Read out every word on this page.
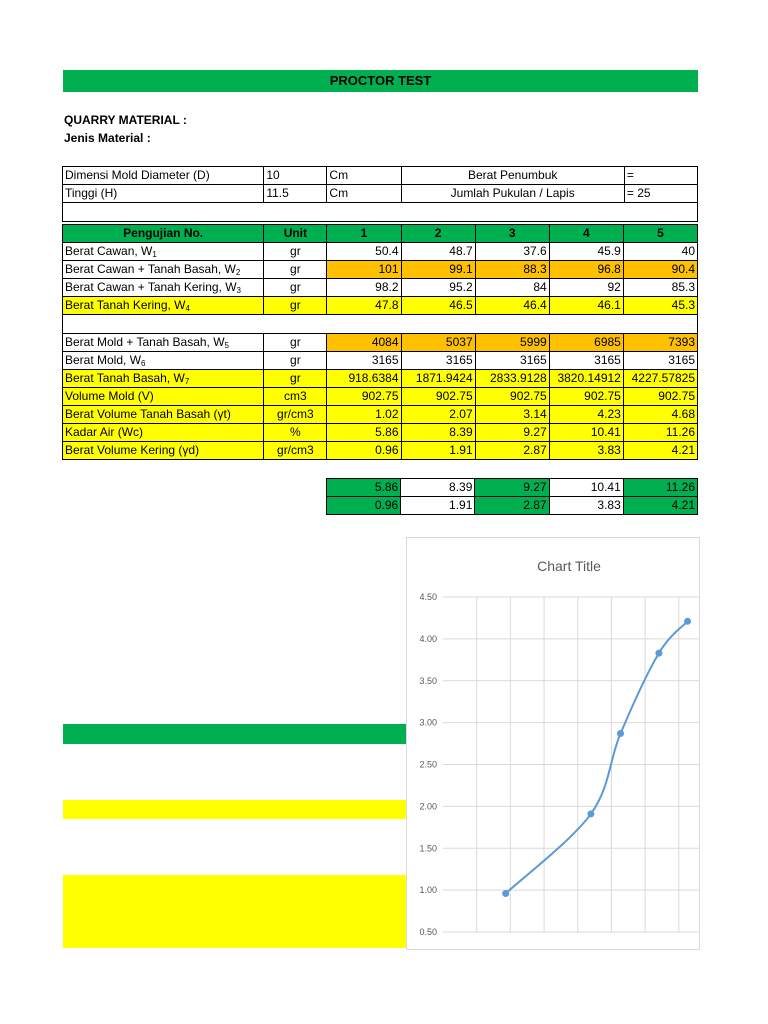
PROCTOR TEST
QUARRY MATERIAL :
Jenis Material :
Dimensi Mold Diameter (D)	10	Cm	Berat Penumbuk	=
Tinggi (H)	11.5	Cm	Jumlah Pukulan / Lapis	= 25

Pengujian No.	Unit	1	2	3	4	5
Berat Cawan, $W_1$	gr	50.4	48.7	37.6	45.9	40
Berat Cawan + Tanah Basah, $W_2$	gr	101	99.1	88.3	96.8	90.4
Berat Cawan + Tanah Kering, $W_3$	gr	98.2	95.2	84	92	85.3
Berat Tanah Kering, $W_4$	gr	47.8	46.5	46.4	46.1	45.3

Berat Mold + Tanah Basah, $W_5$	gr	4084	5037	5999	6985	7393
Berat Mold, $W_6$	gr	3165	3165	3165	3165	3165
Berat Tanah Basah, $W_7$	gr	918.6384	1871.9424	2833.9128	3820.14912	4227.57825
Volume Mold (V)	cm3	902.75	902.75	902.75	902.75	902.75
Berat Volume Tanah Basah (γt)	gr/cm3	1.02	2.07	3.14	4.23	4.68
Kadar Air (Wc)	%	5.86	8.39	9.27	10.41	11.26
Berat Volume Kering (γd)	gr/cm3	0.96	1.91	2.87	3.83	4.21
5.86	8.39	9.27	10.41	11.26
0.96	1.91	2.87	3.83	4.21
Chart Title
4.50
4.00
3.50
3.00
2.50
2.00
1.50
1.00
0.50
